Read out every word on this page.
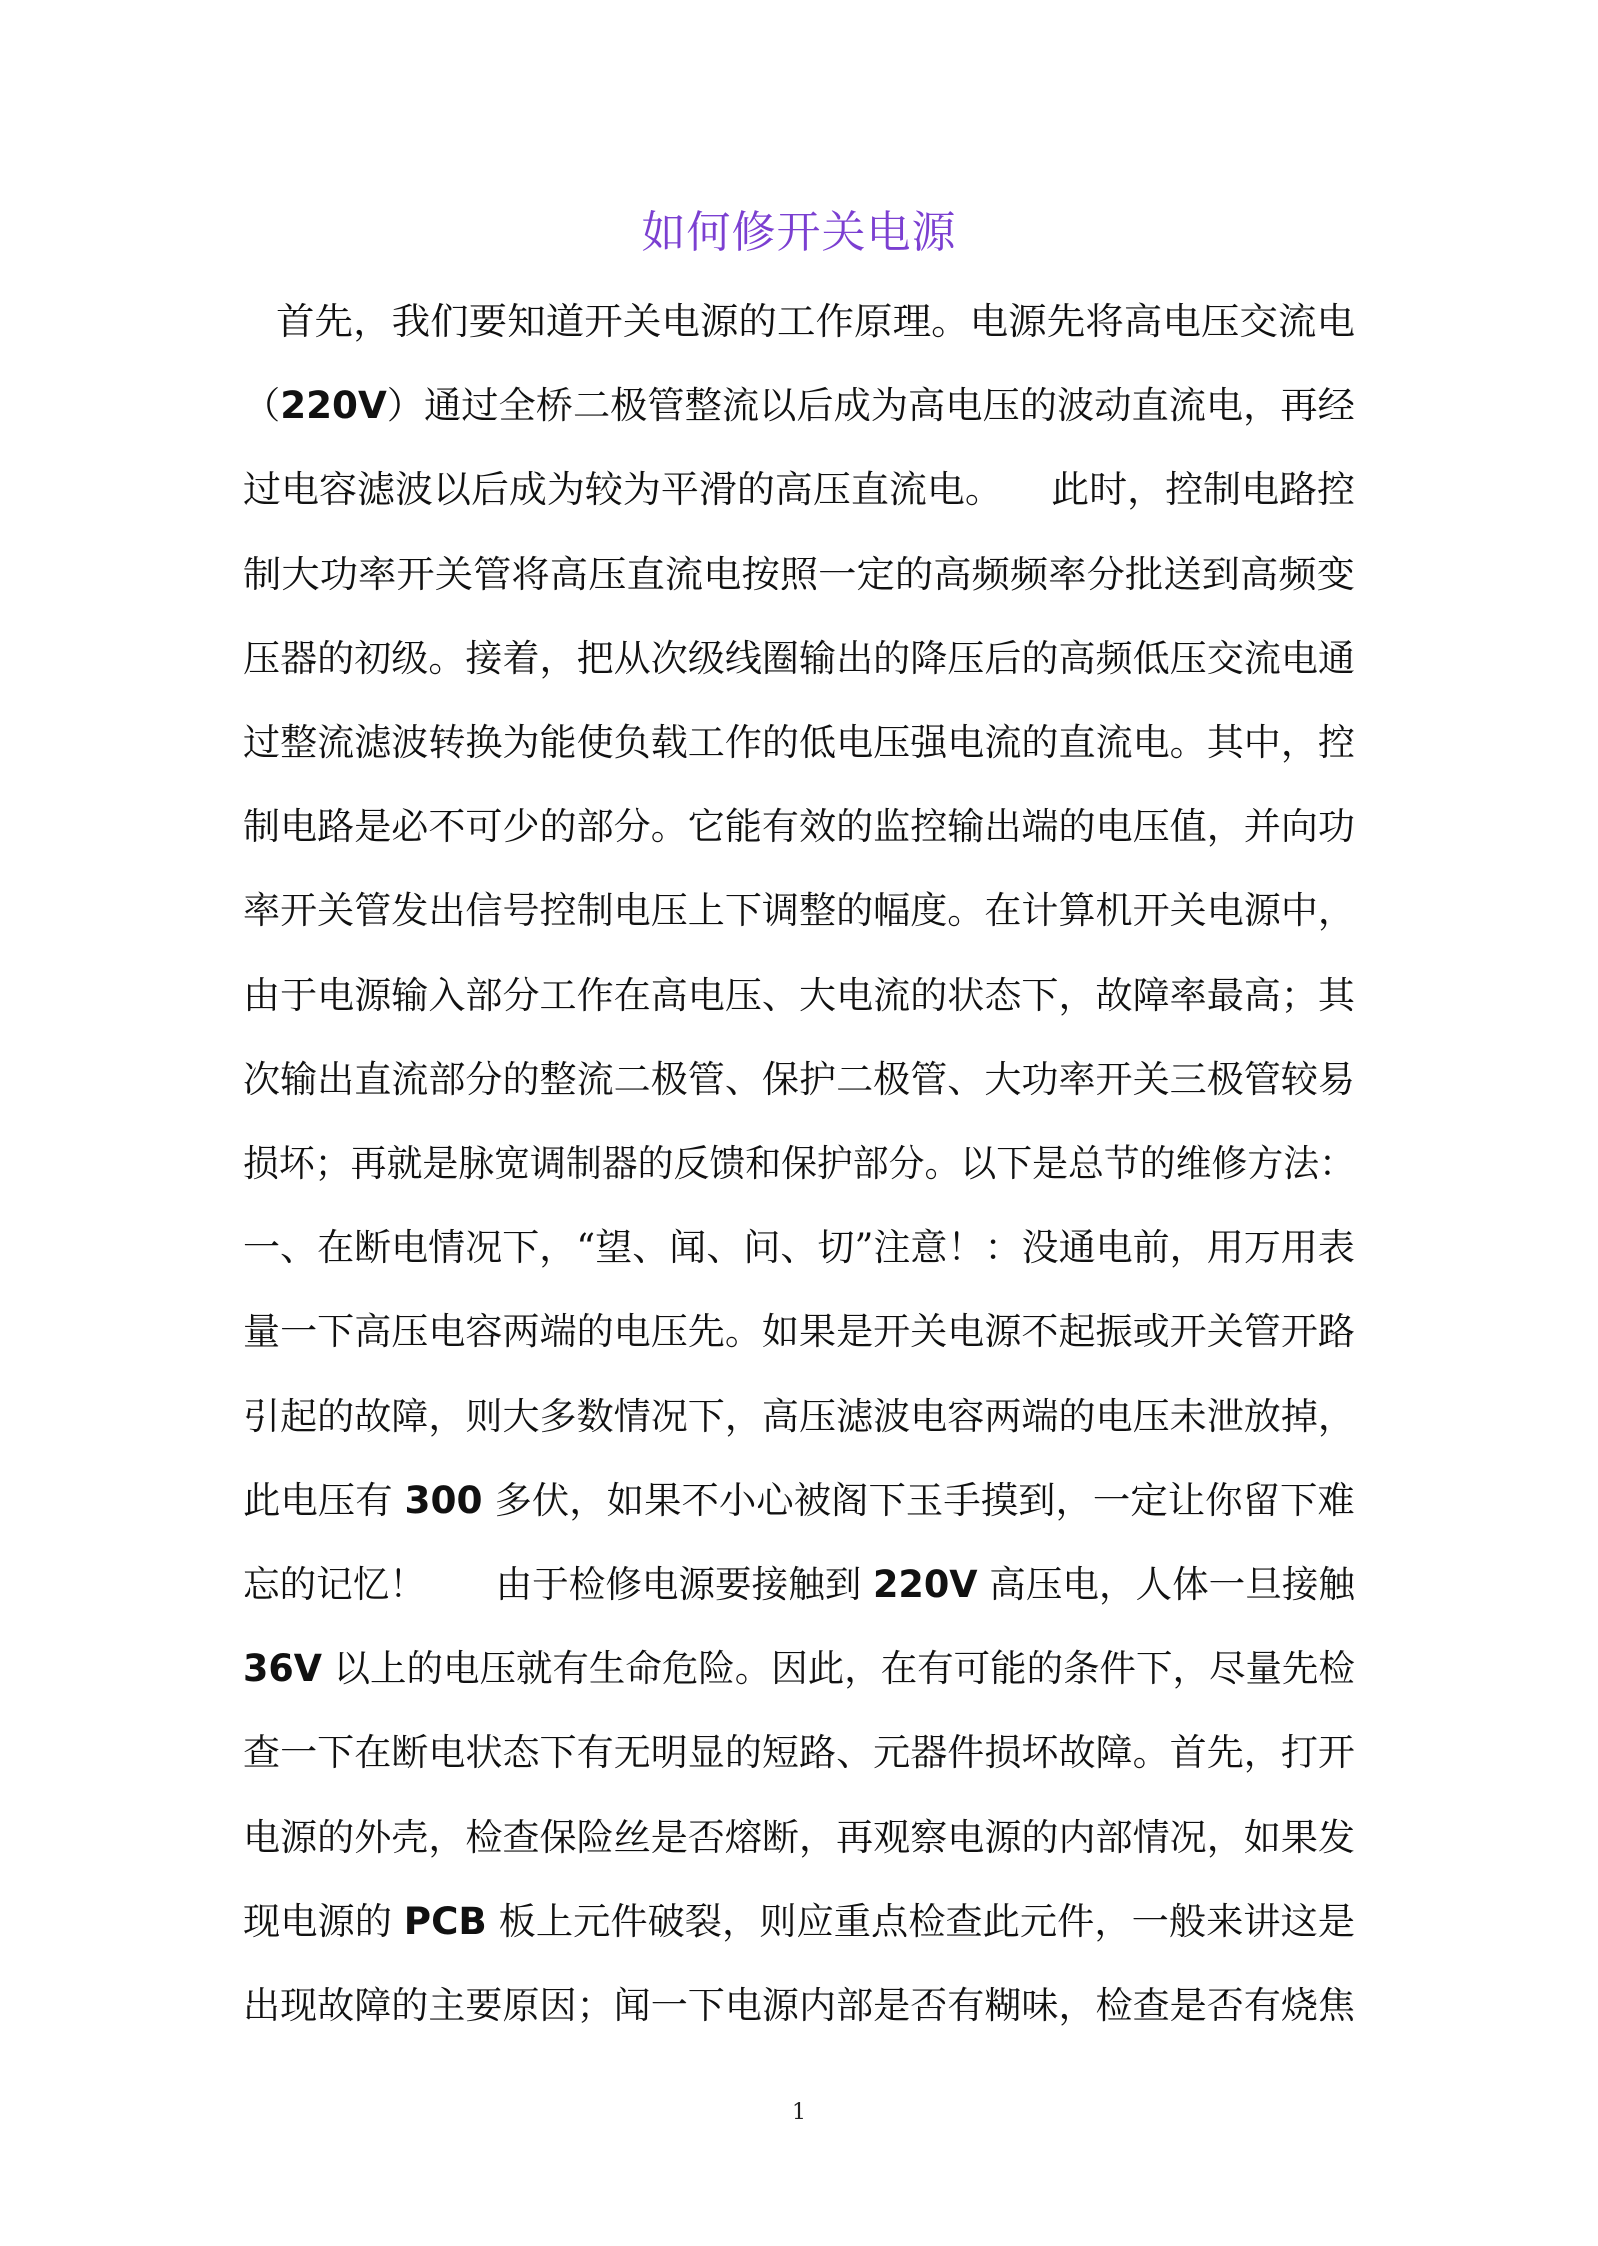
如何修开关电源
首先，我们要知道开关电源的工作原理。电源先将高电压交流电
（220V）通过全桥二极管整流以后成为高电压的波动直流电，再经
过电容滤波以后成为较为平滑的高压直流电。    此时，控制电路控
制大功率开关管将高压直流电按照一定的高频频率分批送到高频变
压器的初级。接着，把从次级线圈输出的降压后的高频低压交流电通
过整流滤波转换为能使负载工作的低电压强电流的直流电。其中，控
制电路是必不可少的部分。它能有效的监控输出端的电压值，并向功
率开关管发出信号控制电压上下调整的幅度。在计算机开关电源中，
由于电源输入部分工作在高电压、大电流的状态下，故障率最高；其
次输出直流部分的整流二极管、保护二极管、大功率开关三极管较易
损坏；再就是脉宽调制器的反馈和保护部分。以下是总节的维修方法：
一、在断电情况下，“望、闻、问、切”注意！：没通电前，用万用表
量一下高压电容两端的电压先。如果是开关电源不起振或开关管开路
引起的故障，则大多数情况下，高压滤波电容两端的电压未泄放掉，
此电压有 300 多伏，如果不小心被阁下玉手摸到，一定让你留下难
忘的记忆！      由于检修电源要接触到 220V 高压电，人体一旦接触
36V 以上的电压就有生命危险。因此，在有可能的条件下，尽量先检
查一下在断电状态下有无明显的短路、元器件损坏故障。首先，打开
电源的外壳，检查保险丝是否熔断，再观察电源的内部情况，如果发
现电源的 PCB 板上元件破裂，则应重点检查此元件，一般来讲这是
出现故障的主要原因；闻一下电源内部是否有糊味，检查是否有烧焦
1
